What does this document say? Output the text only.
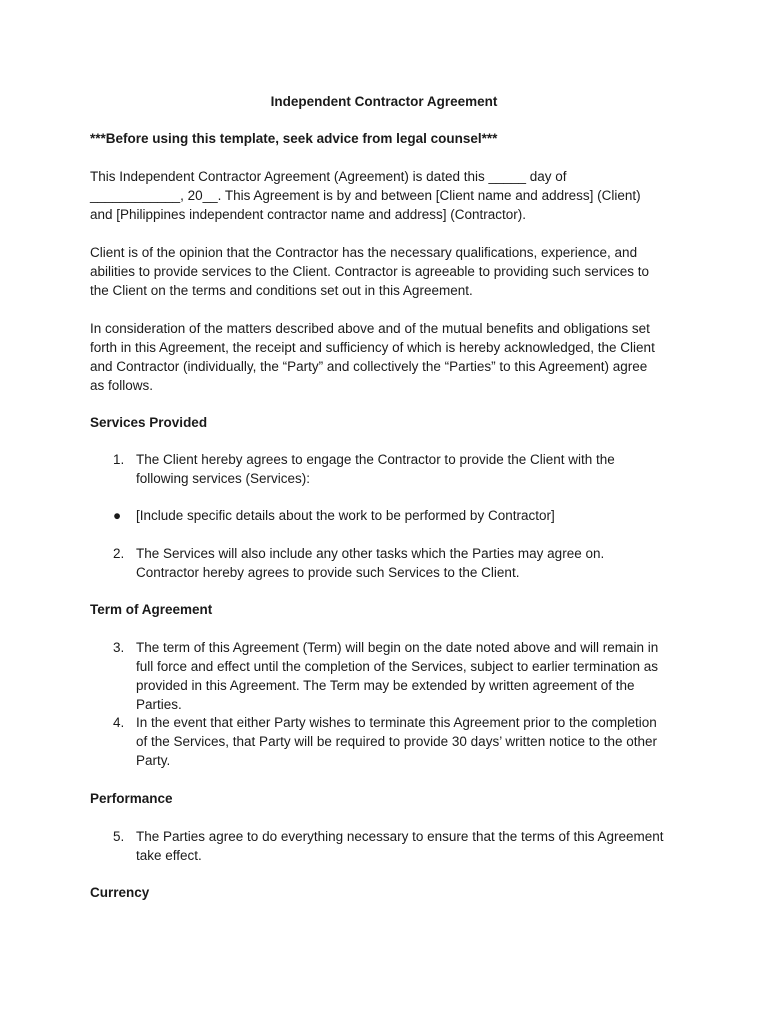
Independent Contractor Agreement
***Before using this template, seek advice from legal counsel***
This Independent Contractor Agreement (Agreement) is dated this _____ day of
____________, 20__. This Agreement is by and between [Client name and address] (Client)
and [Philippines independent contractor name and address] (Contractor).
Client is of the opinion that the Contractor has the necessary qualifications, experience, and
abilities to provide services to the Client. Contractor is agreeable to providing such services to
the Client on the terms and conditions set out in this Agreement.
In consideration of the matters described above and of the mutual benefits and obligations set
forth in this Agreement, the receipt and sufficiency of which is hereby acknowledged, the Client
and Contractor (individually, the “Party” and collectively the “Parties” to this Agreement) agree
as follows.
Services Provided
1. The Client hereby agrees to engage the Contractor to provide the Client with the
following services (Services):
●	[Include specific details about the work to be performed by Contractor]
2. The Services will also include any other tasks which the Parties may agree on.
Contractor hereby agrees to provide such Services to the Client.
Term of Agreement
3. The term of this Agreement (Term) will begin on the date noted above and will remain in
full force and effect until the completion of the Services, subject to earlier termination as
provided in this Agreement. The Term may be extended by written agreement of the
Parties.
4. In the event that either Party wishes to terminate this Agreement prior to the completion
of the Services, that Party will be required to provide 30 days’ written notice to the other
Party.
Performance
5. The Parties agree to do everything necessary to ensure that the terms of this Agreement
take effect.
Currency
